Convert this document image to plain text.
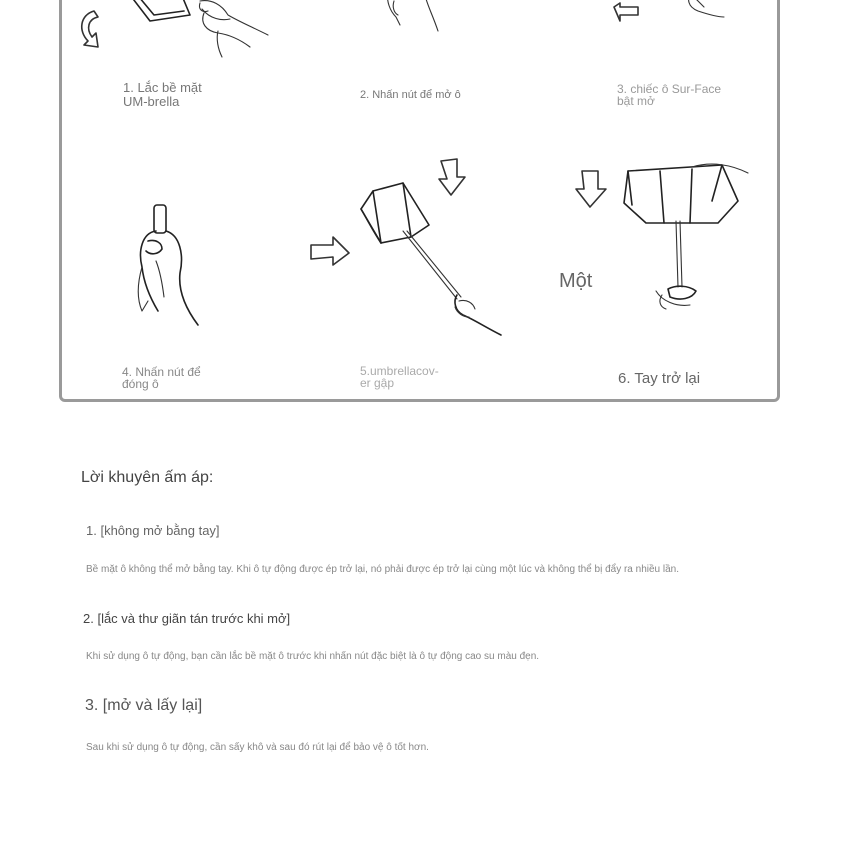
1. Lắc bề mặt
UM-brella	2. Nhấn nút để mở ô	3. chiếc ô Sur-Face
bật mở
Một
4. Nhấn nút để
đóng ô
5.umbrellacov-
er gập	6. Tay trở lại
Lời khuyên ấm áp:
1. [không mở bằng tay]
Bề mặt ô không thể mở bằng tay. Khi ô tự động được ép trở lại, nó phải được ép trở lại cùng một lúc và không thể bị đẩy ra nhiều lần.
2. [lắc và thư giãn tán trước khi mở]
Khi sử dụng ô tự động, bạn cần lắc bề mặt ô trước khi nhấn nút đặc biệt là ô tự động cao su màu đẹn.
3. [mở và lấy lại]
Sau khi sử dụng ô tự động, cần sấy khô và sau đó rút lại để bảo vệ ô tốt hơn.
